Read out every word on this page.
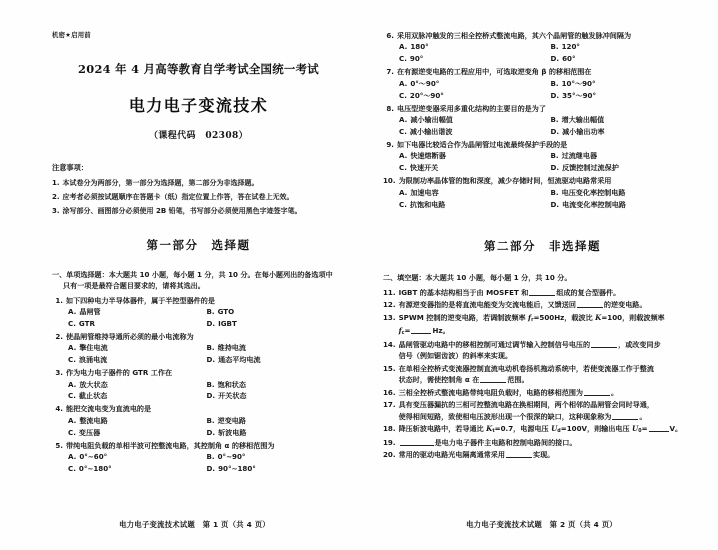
机密★启用前
2024 年 4 月高等教育自学考试全国统一考试
电力电子变流技术
（课程代码　02308）
注意事项：
1. 本试卷分为两部分，第一部分为选择题，第二部分为非选择题。
2. 应考者必须按试题顺序在答题卡（纸）指定位置上作答，答在试卷上无效。
3. 涂写部分、画图部分必须使用 2B 铅笔，书写部分必须使用黑色字迹签字笔。
第一部分　选择题
一、单项选择题：本大题共 10 小题，每小题 1 分，共 10 分。在每小题列出的备选项中
只有一项是最符合题目要求的，请将其选出。
1. 如下四种电力半导体器件，属于半控型器件的是
A. 晶闸管	B. GTO
C. GTR	D. IGBT
2. 使晶闸管维持导通所必须的最小电流称为
A. 擎住电流	B. 维持电流
C. 浪涌电流	D. 通态平均电流
3. 作为电力电子器件的 GTR 工作在
A. 放大状态	B. 饱和状态
C. 截止状态	D. 开关状态
4. 能把交流电变为直流电的是
A. 整流电路	B. 逆变电路
C. 变压器	D. 斩波电路
5. 带纯电阻负载的单相半波可控整流电路，其控制角 α 的移相范围为
A. 0°~60°	B. 0°~90°
C. 0°~180°	D. 90°~180°
电力电子变流技术试题　第 1 页（共 4 页）
6. 采用双脉冲触发的三相全控桥式整流电路，其六个晶闸管的触发脉冲间隔为
A. 180°	B. 120°
C. 90°	D. 60°
7. 在有源逆变电路的工程应用中，可选取逆变角 β 的移相范围在
A. 0°～90°	B. 10°～90°
C. 20°～90°	D. 35°～90°
8. 电压型逆变器采用多重化结构的主要目的是为了
A. 减小输出幅值	B. 增大输出幅值
C. 减小输出谐波	D. 减小输出功率
9. 如下电器比较适合作为晶闸管过电流最终保护手段的是
A. 快速熔断器	B. 过流继电器
C. 快速开关	D. 反馈控制过流保护
10. 为限制功率晶体管的饱和深度，减少存储时间，恒流驱动电路常采用
A. 加速电容	B. 电压变化率控制电路
C. 抗饱和电路	D. 电流变化率控制电路
第二部分　非选择题
二、填空题：本大题共 10 小题，每小题 1 分，共 10 分。
11. IGBT 的基本结构相当于由 MOSFET 和	组成的复合型器件。
12. 有源逆变器指的是将直流电能变为交流电能后，又馈送回	的逆变电路。
13. SPWM 控制的逆变电路，若调制波频率 $f_r=500Hz$，载波比 K=100，则载波频率
$f_c=$	Hz。
14. 晶闸管驱动电路中的移相控制可通过调节输入控制信号电压的	，或改变同步
信号（例如锯齿波）的斜率来实现。
15. 在单相全控桥式变流器控制直流电动机卷扬机拖动系统中，若使变流器工作于整流
状态时，需使控制角 α 在	范围。
16. 三相全控桥式整流电路带纯电阻负载时，电路的移相范围为	。
17. 具有变压器漏抗的三相可控整流电路在换相期间，两个相邻的晶闸管会同时导通，
使得相间短路，致使相电压波形出现一个很深的缺口，这种现象称为	。
18. 降压斩波电路中，若导通比 $K_t=0.7$，电源电压 $U_d=100V$，则输出电压 $U_0=$	V。
19.	是电力电子器件主电路和控制电路间的接口。
20. 常用的驱动电路光电隔离通常采用	实现。
电力电子变流技术试题　第 2 页（共 4 页）
